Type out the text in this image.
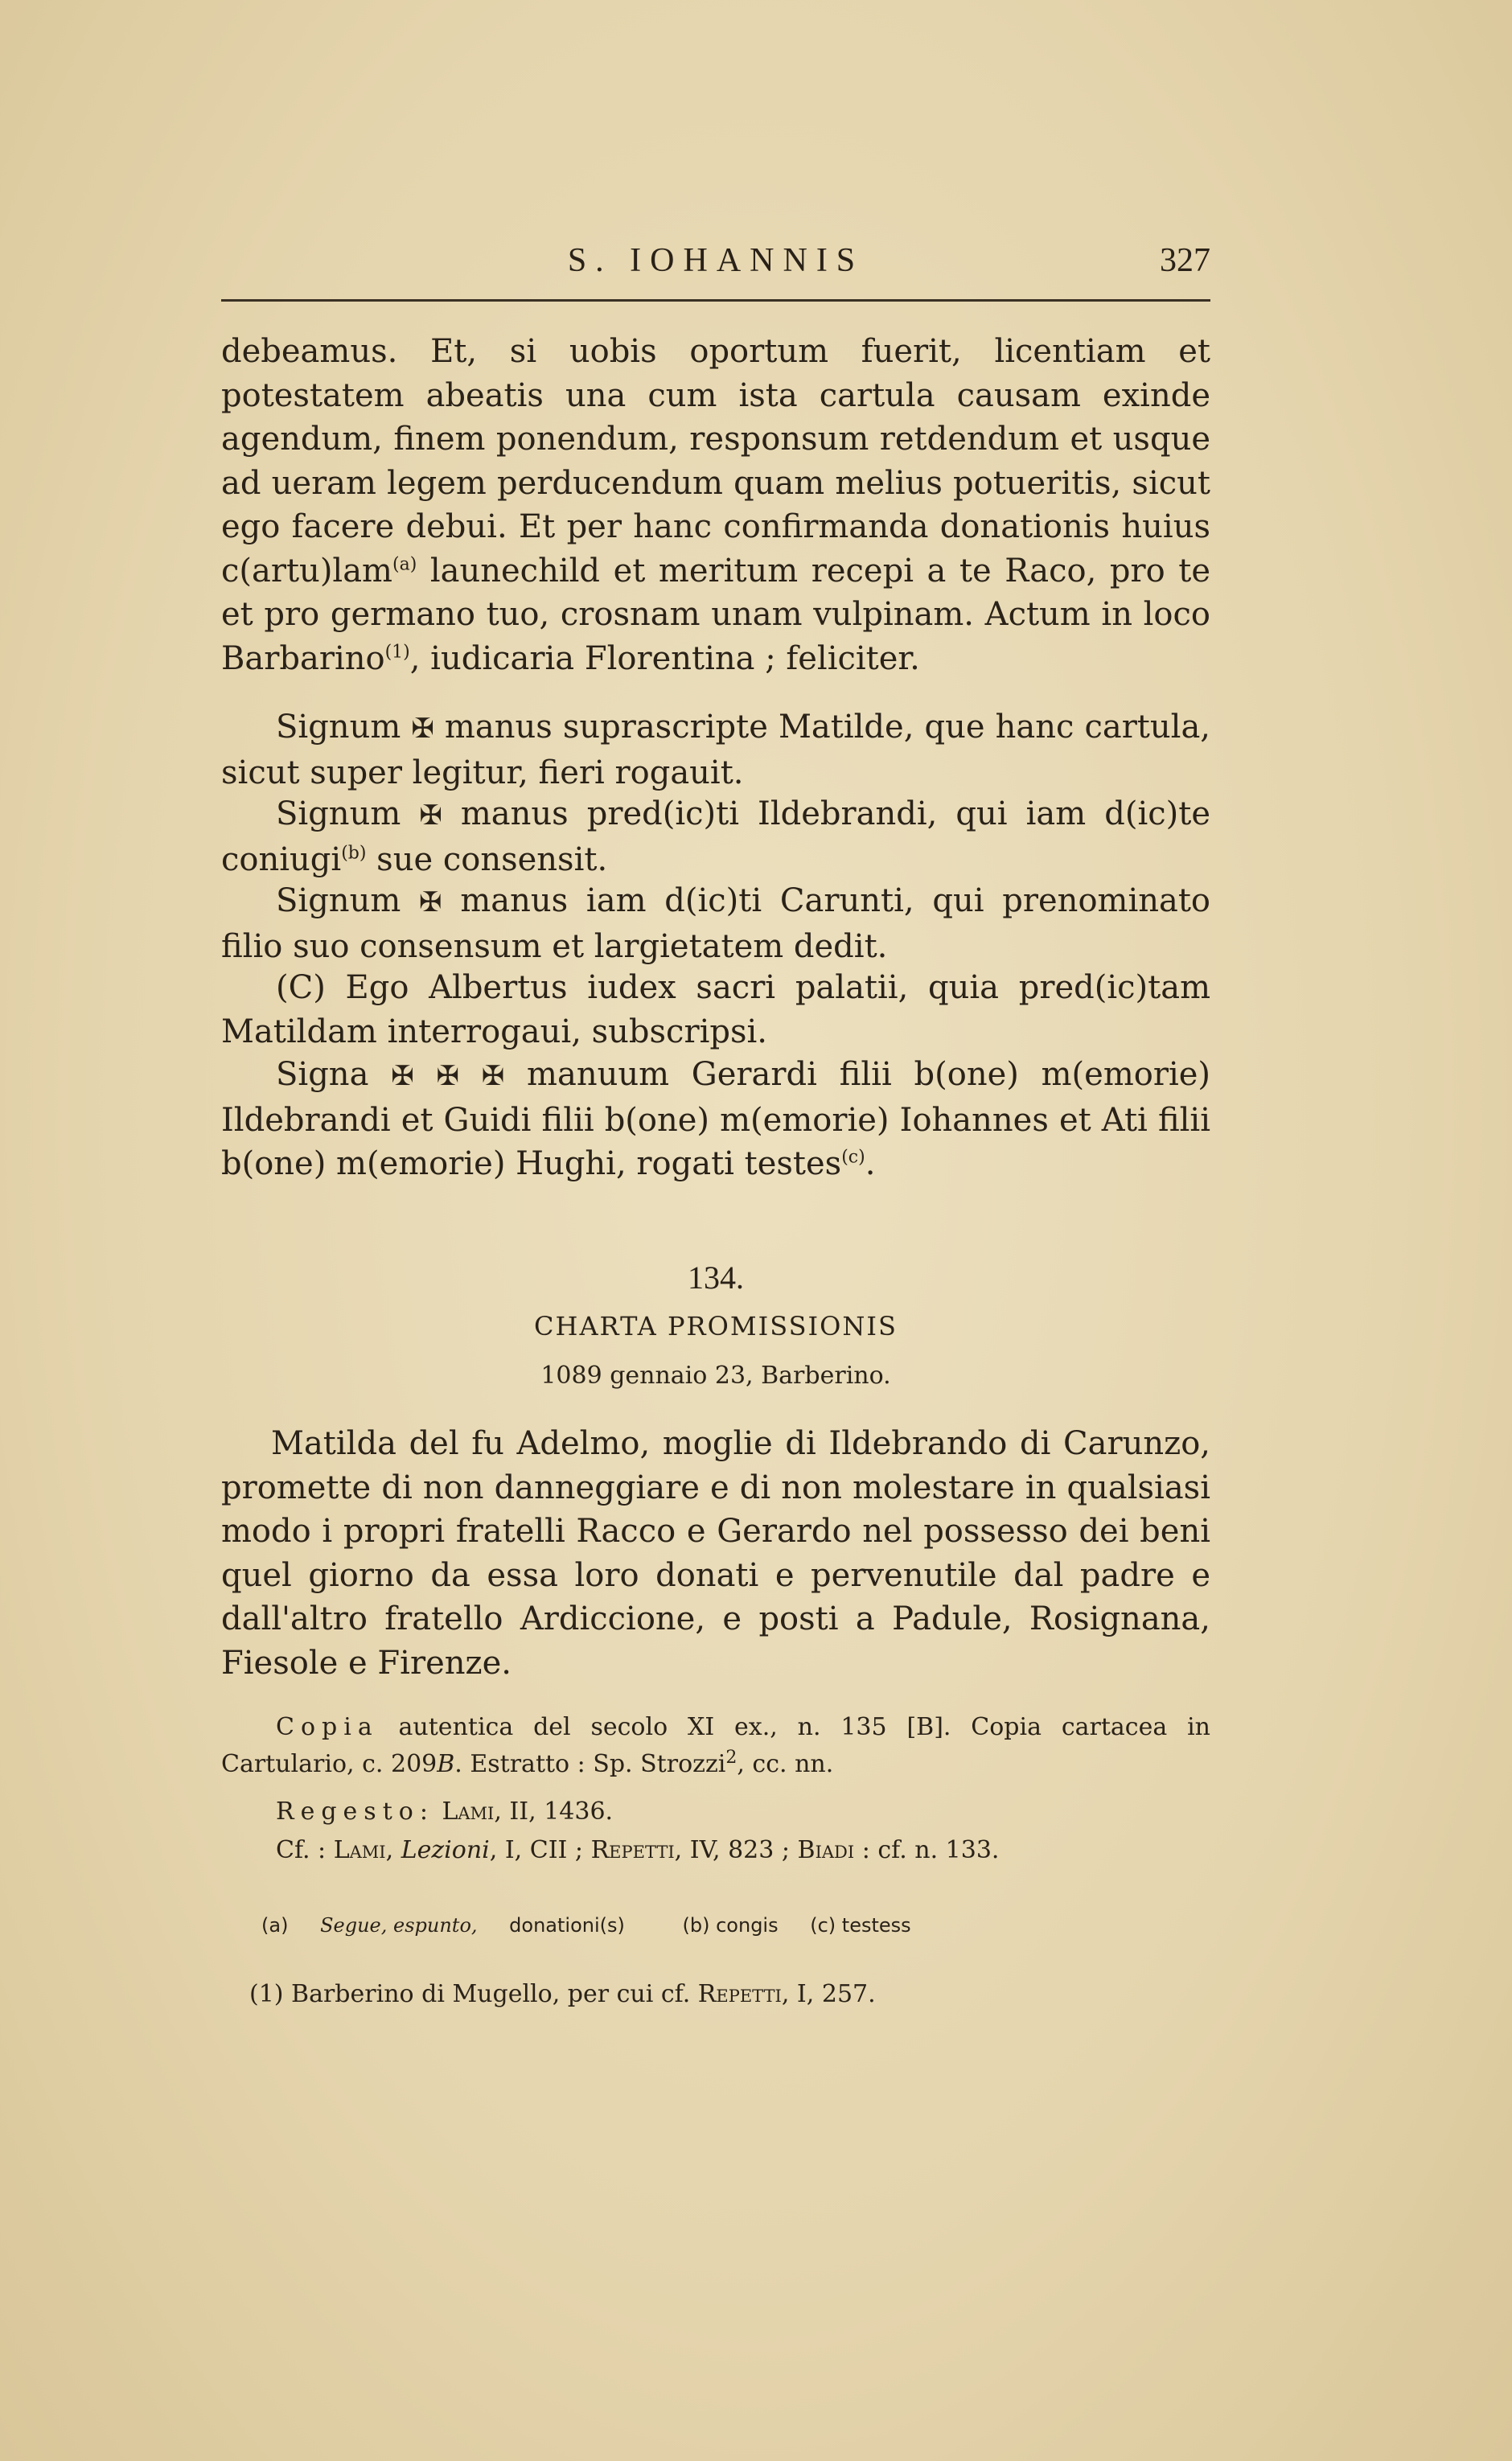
S. IOHANNIS	327

debeamus. Et, si uobis oportum fuerit, licentiam et potestatem abeatis una cum ista cartula causam exinde agendum, finem ponendum, responsum retdendum et usque ad ueram legem perducendum quam melius potueritis, sicut ego facere debui. Et per hanc confirmanda donationis huius c(artu)lam$^{(a)}$ launechild et meritum recepi a te Raco, pro te et pro germano tuo, crosnam unam vulpinam. Actum in loco Barbarino$^{(1)}$, iudicaria Florentina ; feliciter.

Signum ✠ manus suprascripte Matilde, que hanc cartula, sicut super legitur, fieri rogauit.

Signum ✠ manus pred(ic)ti Ildebrandi, qui iam d(ic)te coniugi$^{(b)}$ sue consensit.

Signum ✠ manus iam d(ic)ti Carunti, qui prenominato filio suo consensum et largietatem dedit.

(C) Ego Albertus iudex sacri palatii, quia pred(ic)tam Matildam interrogaui, subscripsi.

Signa ✠ ✠ ✠ manuum Gerardi filii b(one) m(emorie) Ildebrandi et Guidi filii b(one) m(emorie) Iohannes et Ati filii b(one) m(emorie) Hughi, rogati testes$^{(c)}$.

134.
CHARTA PROMISSIONIS
1089 gennaio 23, Barberino.

Matilda del fu Adelmo, moglie di Ildebrando di Carunzo, promette di non danneggiare e di non molestare in qualsiasi modo i propri fratelli Racco e Gerardo nel possesso dei beni quel giorno da essa loro donati e pervenutile dal padre e dall'altro fratello Ardiccione, e posti a Padule, Rosignana, Fiesole e Firenze.

Copia autentica del secolo XI ex., n. 135 [B]. Copia cartacea in Cartulario, c. 209B. Estratto : Sp. Strozzi$^2$, cc. nn.

Regesto: Lami, II, 1436.

Cf. : Lami, Lezioni, I, CII ; Repetti, IV, 823 ; Biadi : cf. n. 133.

(a) Segue, espunto, donationi(s)	(b) congis (c) testess
(1) Barberino di Mugello, per cui cf. Repetti, I, 257.
